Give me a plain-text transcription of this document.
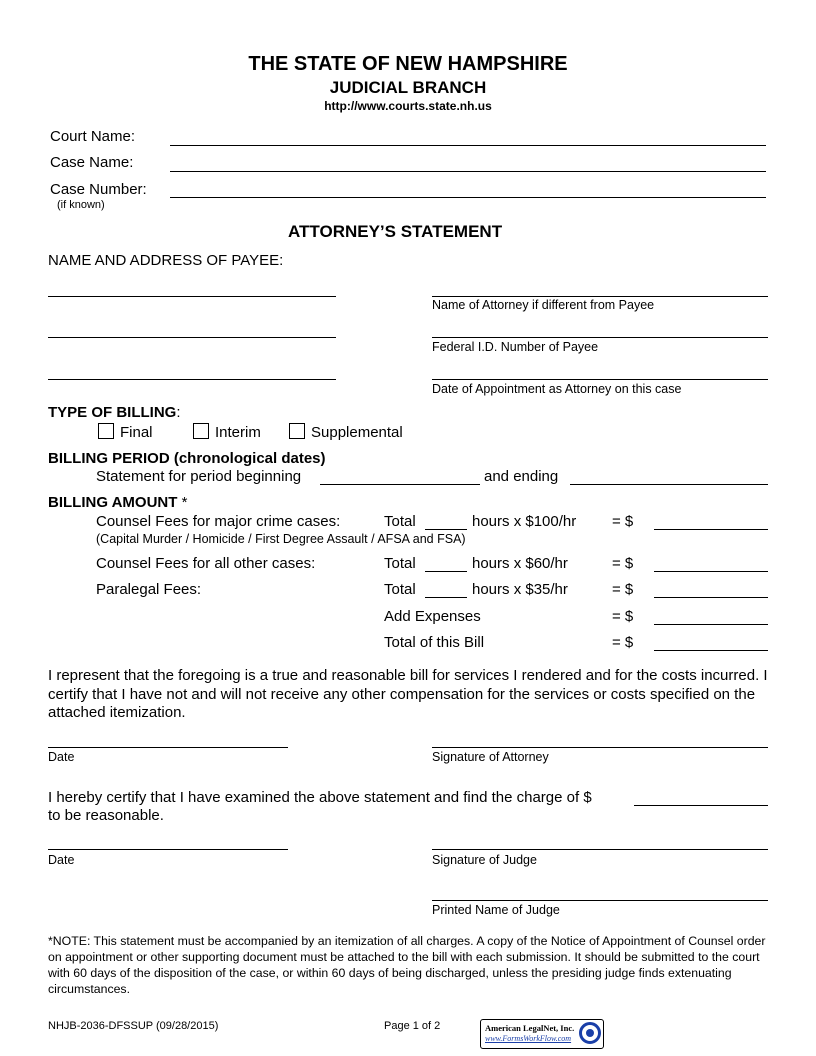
THE STATE OF NEW HAMPSHIRE
JUDICIAL BRANCH
http://www.courts.state.nh.us
Court Name:
Case Name:
Case Number:
(if known)
ATTORNEY’S STATEMENT
NAME AND ADDRESS OF PAYEE:
Name of Attorney if different from Payee
Federal I.D. Number of Payee
Date of Appointment as Attorney on this case
TYPE OF BILLING:
Final	Interim	Supplemental
BILLING PERIOD (chronological dates)
Statement for period beginning	and ending
BILLING AMOUNT *
Counsel Fees for major crime cases:	Total	hours x $100/hr = $
(Capital Murder / Homicide / First Degree Assault / AFSA and FSA)
Counsel Fees for all other cases:	Total	hours x $60/hr	= $
Paralegal Fees:	Total	hours x $35/hr	= $
Add Expenses	= $
Total of this Bill	= $
I represent that the foregoing is a true and reasonable bill for services I rendered and for the costs incurred. I certify that I have not and will not receive any other compensation for the services or costs specified on the attached itemization.
Date	Signature of Attorney
I hereby certify that I have examined the above statement and find the charge of $
to be reasonable.
Date	Signature of Judge
Printed Name of Judge
*NOTE: This statement must be accompanied by an itemization of all charges. A copy of the Notice of Appointment of Counsel order on appointment or other supporting document must be attached to the bill with each submission. It should be submitted to the court with 60 days of the disposition of the case, or within 60 days of being discharged, unless the presiding judge finds extenuating circumstances.
NHJB-2036-DFSSUP (09/28/2015)	Page 1 of 2	American LegalNet, Inc.
www.FormsWorkFlow.com
